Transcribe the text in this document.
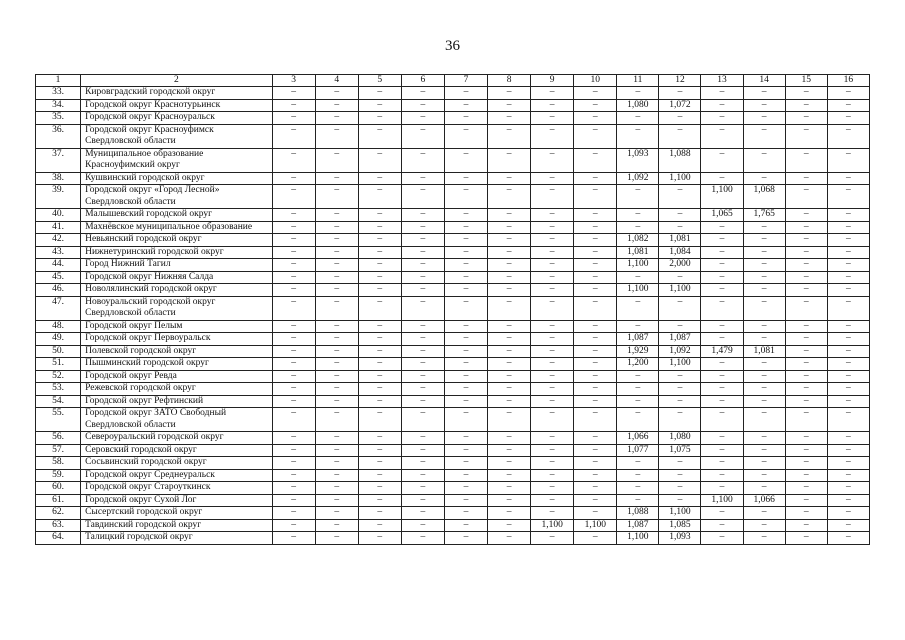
36
1	2	3	4	5	6	7	8	9	10	11	12	13	14	15	16
33.	Кировградский городской округ	–	–	–	–	–	–	–	–	–	–	–	–	–	–
34.	Городской округ Краснотурьинск	–	–	–	–	–	–	–	–	1,080	1,072	–	–	–	–
35.	Городской округ Красноуральск	–	–	–	–	–	–	–	–	–	–	–	–	–	–
36.	Городской округ Красноуфимск Свердловской области	–	–	–	–	–	–	–	–	–	–	–	–	–	–
37.	Муниципальное образование Красноуфимский округ	–	–	–	–	–	–	–	–	1,093	1,088	–	–	–	–
38.	Кушвинский городской округ	–	–	–	–	–	–	–	–	1,092	1,100	–	–	–	–
39.	Городской округ «Город Лесной» Свердловской области	–	–	–	–	–	–	–	–	–	–	1,100	1,068	–	–
40.	Малышевский городской округ	–	–	–	–	–	–	–	–	–	–	1,065	1,765	–	–
41.	Махнёвское муниципальное образование	–	–	–	–	–	–	–	–	–	–	–	–	–	–
42.	Невьянский городской округ	–	–	–	–	–	–	–	–	1,082	1,081	–	–	–	–
43.	Нижнетуринский городской округ	–	–	–	–	–	–	–	–	1,081	1,084	–	–	–	–
44.	Город Нижний Тагил	–	–	–	–	–	–	–	–	1,100	2,000	–	–	–	–
45.	Городской округ Нижняя Салда	–	–	–	–	–	–	–	–	–	–	–	–	–	–
46.	Новолялинский городской округ	–	–	–	–	–	–	–	–	1,100	1,100	–	–	–	–
47.	Новоуральский городской округ Свердловской области	–	–	–	–	–	–	–	–	–	–	–	–	–	–
48.	Городской округ Пелым	–	–	–	–	–	–	–	–	–	–	–	–	–	–
49.	Городской округ Первоуральск	–	–	–	–	–	–	–	–	1,087	1,087	–	–	–	–
50.	Полевской городской округ	–	–	–	–	–	–	–	–	1,929	1,092	1,479	1,081	–	–
51.	Пышминский городской округ	–	–	–	–	–	–	–	–	1,200	1,100	–	–	–	–
52.	Городской округ Ревда	–	–	–	–	–	–	–	–	–	–	–	–	–	–
53.	Режевской городской округ	–	–	–	–	–	–	–	–	–	–	–	–	–	–
54.	Городской округ Рефтинский	–	–	–	–	–	–	–	–	–	–	–	–	–	–
55.	Городской округ ЗАТО Свободный Свердловской области	–	–	–	–	–	–	–	–	–	–	–	–	–	–
56.	Североуральский городской округ	–	–	–	–	–	–	–	–	1,066	1,080	–	–	–	–
57.	Серовский городской округ	–	–	–	–	–	–	–	–	1,077	1,075	–	–	–	–
58.	Сосьвинский городской округ	–	–	–	–	–	–	–	–	–	–	–	–	–	–
59.	Городской округ Среднеуральск	–	–	–	–	–	–	–	–	–	–	–	–	–	–
60.	Городской округ Староуткинск	–	–	–	–	–	–	–	–	–	–	–	–	–	–
61.	Городской округ Сухой Лог	–	–	–	–	–	–	–	–	–	–	1,100	1,066	–	–
62.	Сысертский городской округ	–	–	–	–	–	–	–	–	1,088	1,100	–	–	–	–
63.	Тавдинский городской округ	–	–	–	–	–	–	1,100	1,100	1,087	1,085	–	–	–	–
64.	Талицкий городской округ	–	–	–	–	–	–	–	–	1,100	1,093	–	–	–	–
